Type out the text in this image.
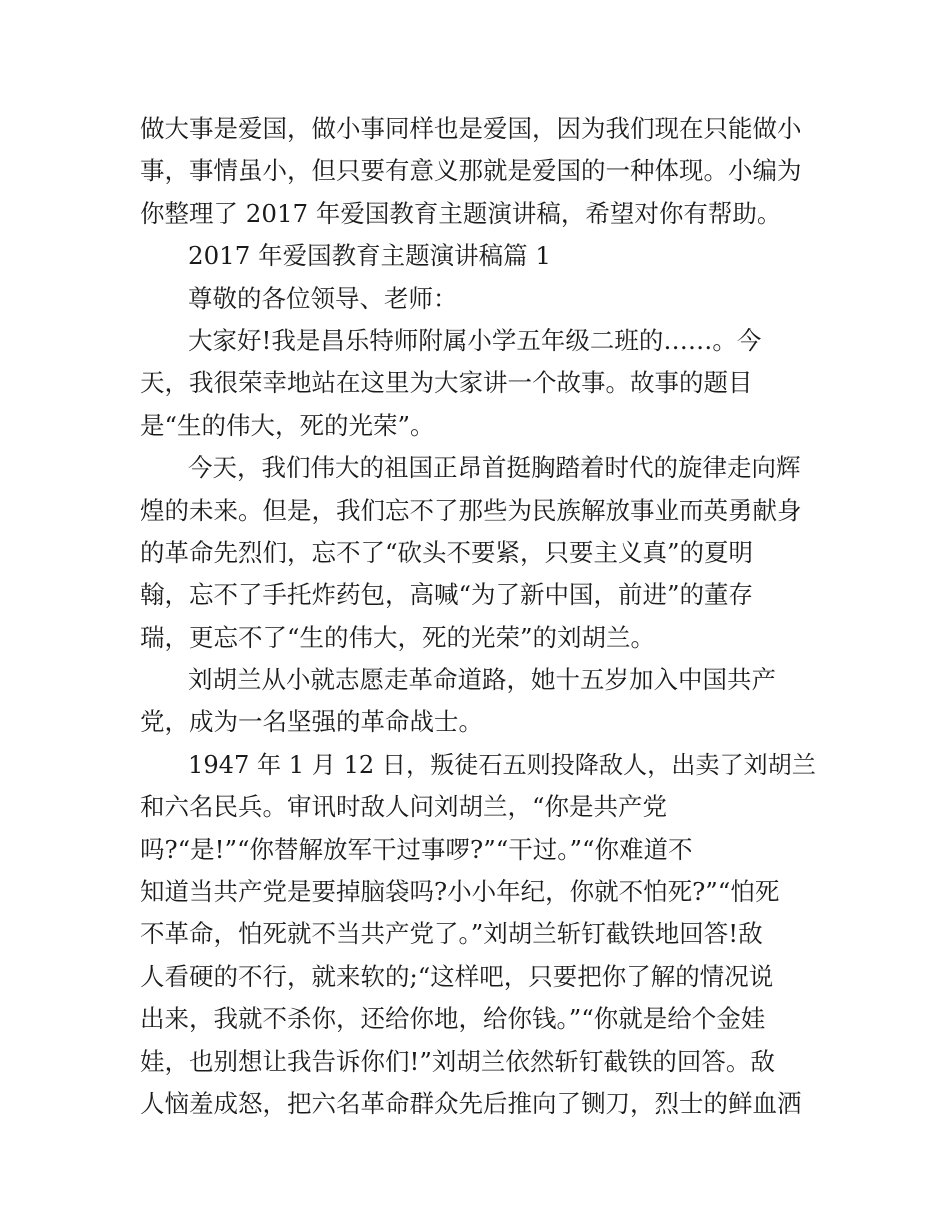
做大事是爱国，做小事同样也是爱国，因为我们现在只能做小
事，事情虽小，但只要有意义那就是爱国的一种体现。小编为
你整理了 2017 年爱国教育主题演讲稿，希望对你有帮助。
2017 年爱国教育主题演讲稿篇 1
尊敬的各位领导、老师：
大家好!我是昌乐特师附属小学五年级二班的……。今
天，我很荣幸地站在这里为大家讲一个故事。故事的题目
是“生的伟大，死的光荣”。
今天，我们伟大的祖国正昂首挺胸踏着时代的旋律走向辉
煌的未来。但是，我们忘不了那些为民族解放事业而英勇献身
的革命先烈们，忘不了“砍头不要紧，只要主义真”的夏明
翰，忘不了手托炸药包，高喊“为了新中国，前进”的董存
瑞，更忘不了“生的伟大，死的光荣”的刘胡兰。
刘胡兰从小就志愿走革命道路，她十五岁加入中国共产
党，成为一名坚强的革命战士。
1947 年 1 月 12 日，叛徒石五则投降敌人，出卖了刘胡兰
和六名民兵。审讯时敌人问刘胡兰，“你是共产党
吗?“是!”“你替解放军干过事啰?”“干过。”“你难道不
知道当共产党是要掉脑袋吗?小小年纪，你就不怕死?”“怕死
不革命，怕死就不当共产党了。”刘胡兰斩钉截铁地回答!敌
人看硬的不行，就来软的;“这样吧，只要把你了解的情况说
出来，我就不杀你，还给你地，给你钱。”“你就是给个金娃
娃，也别想让我告诉你们!”刘胡兰依然斩钉截铁的回答。敌
人恼羞成怒，把六名革命群众先后推向了铡刀，烈士的鲜血洒
